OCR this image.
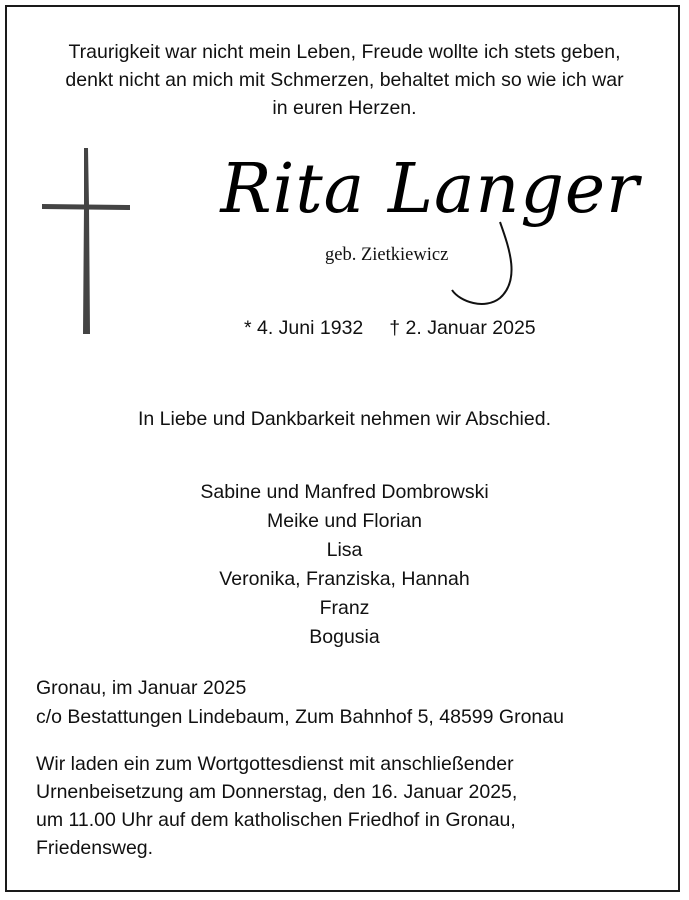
Traurigkeit war nicht mein Leben, Freude wollte ich stets geben,
denkt nicht an mich mit Schmerzen, behaltet mich so wie ich war
in euren Herzen.
Rita Langer
geb. Zietkiewicz
* 4. Juni 1932 † 2. Januar 2025
In Liebe und Dankbarkeit nehmen wir Abschied.
Sabine und Manfred Dombrowski
Meike und Florian
Lisa
Veronika, Franziska, Hannah
Franz
Bogusia
Gronau, im Januar 2025
c/o Bestattungen Lindebaum, Zum Bahnhof 5, 48599 Gronau
Wir laden ein zum Wortgottesdienst mit anschließender
Urnenbeisetzung am Donnerstag, den 16. Januar 2025,
um 11.00 Uhr auf dem katholischen Friedhof in Gronau,
Friedensweg.
